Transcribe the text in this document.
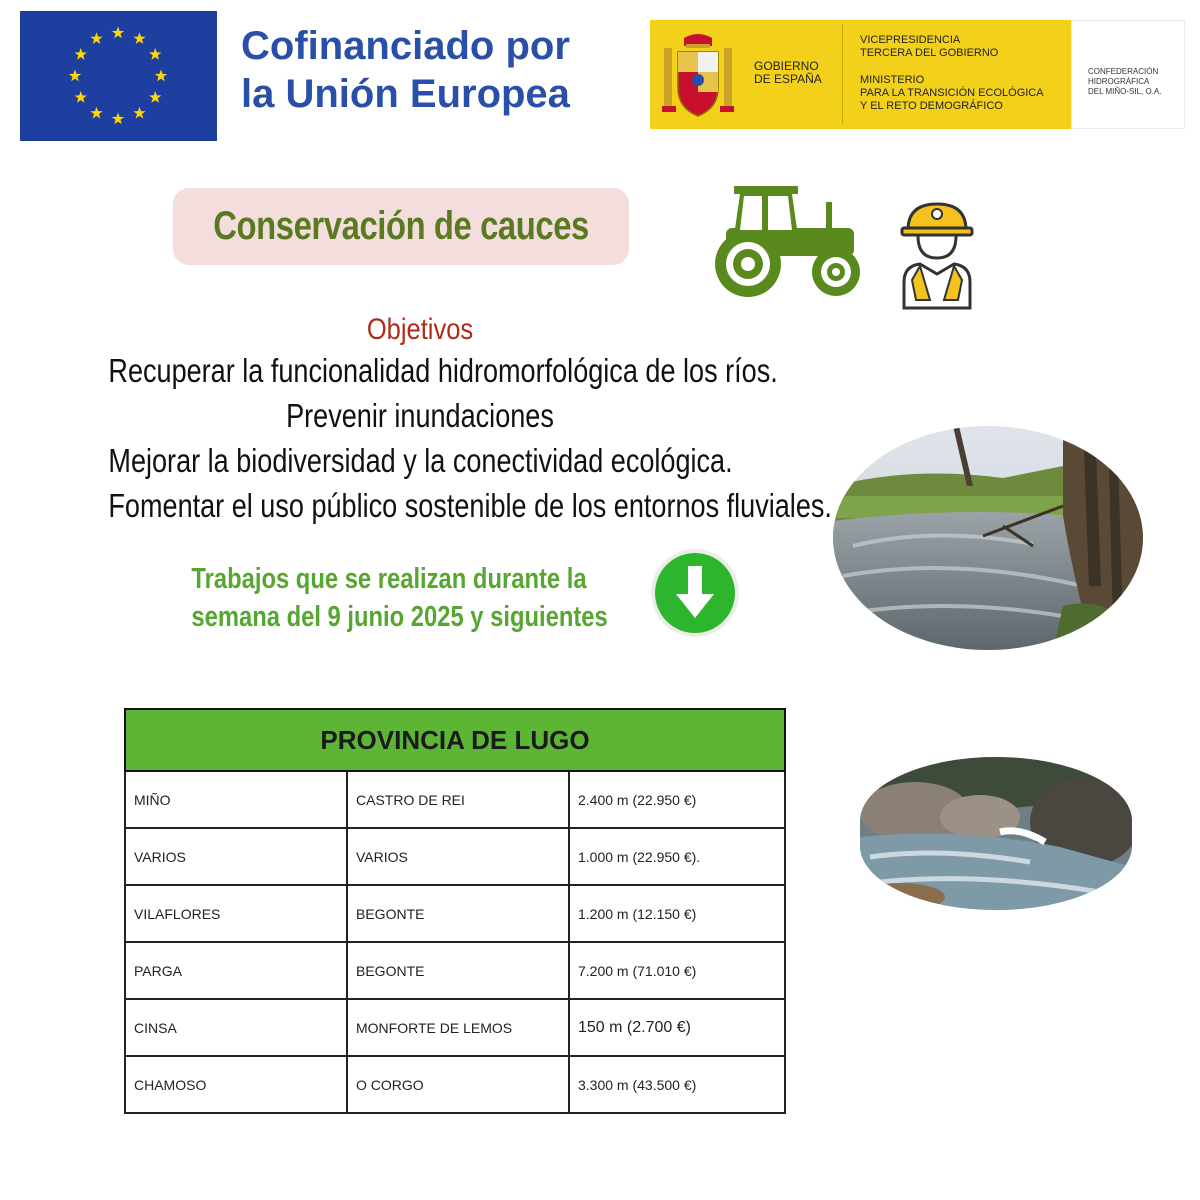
Cofinanciado por
la Unión Europea
GOBIERNO
DE ESPAÑA
VICEPRESIDENCIA
TERCERA DEL GOBIERNO
MINISTERIO
PARA LA TRANSICIÓN ECOLÓGICA
Y EL RETO DEMOGRÁFICO
CONFEDERACIÓN
HIDROGRÁFICA
DEL MIÑO-SIL, O.A.
Conservación de cauces
Objetivos
Recuperar la funcionalidad hidromorfológica de los ríos.
Prevenir inundaciones
Mejorar la biodiversidad y la conectividad ecológica.
Fomentar el uso público sostenible de los entornos fluviales.
Trabajos que se realizan durante la
semana del 9 junio 2025 y siguientes
PROVINCIA DE LUGO		
MIÑO	CASTRO DE REI	2.400 m (22.950 €)
VARIOS	VARIOS	1.000 m (22.950 €).
VILAFLORES	BEGONTE	1.200 m (12.150 €)
PARGA	BEGONTE	7.200 m (71.010 €)
CINSA	MONFORTE DE LEMOS	150 m (2.700 €)
CHAMOSO	O CORGO	3.300 m (43.500 €)
